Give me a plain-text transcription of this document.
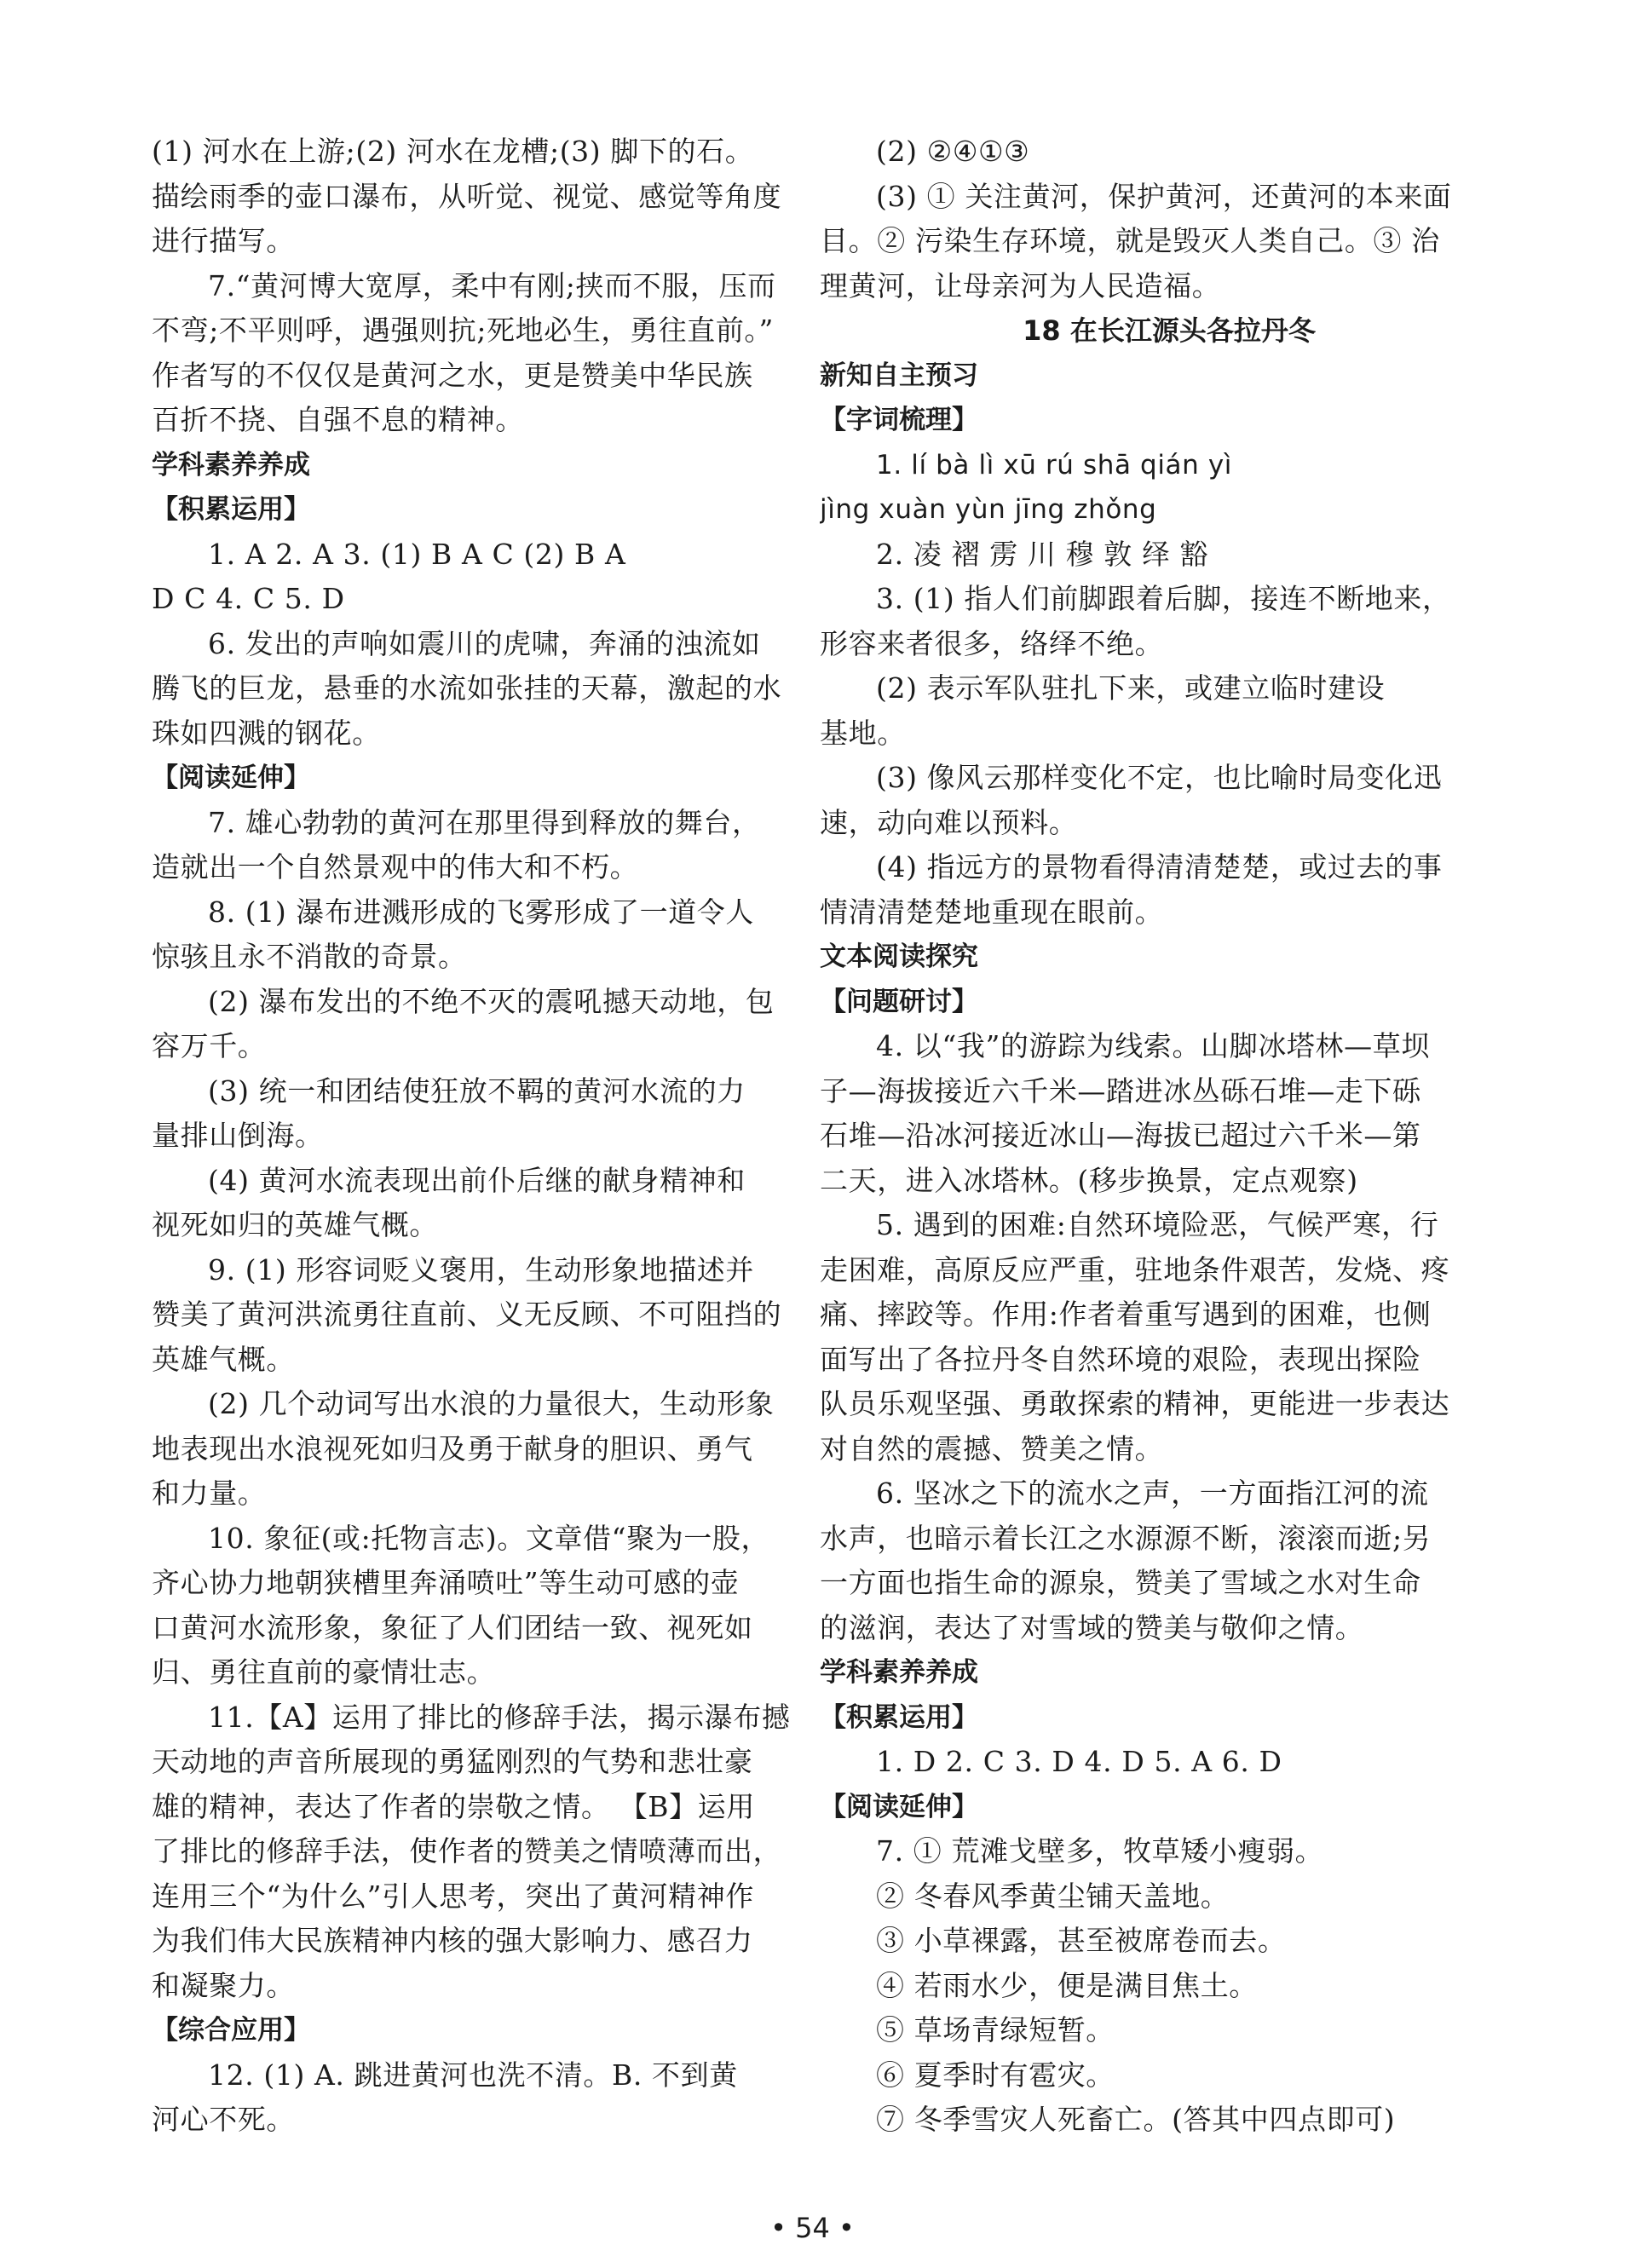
(1) 河水在上游;(2) 河水在龙槽;(3) 脚下的石。
描绘雨季的壶口瀑布，从听觉、视觉、感觉等角度
进行描写。
7.“黄河博大宽厚，柔中有刚;挟而不服，压而
不弯;不平则呼，遇强则抗;死地必生，勇往直前。”
作者写的不仅仅是黄河之水，更是赞美中华民族
百折不挠、自强不息的精神。
学科素养养成
【积累运用】
1. A 2. A 3. (1) B A C (2) B A
D C 4. C 5. D
6. 发出的声响如震川的虎啸，奔涌的浊流如
腾飞的巨龙，悬垂的水流如张挂的天幕，激起的水
珠如四溅的钢花。
【阅读延伸】
7. 雄心勃勃的黄河在那里得到释放的舞台，
造就出一个自然景观中的伟大和不朽。
8. (1) 瀑布进溅形成的飞雾形成了一道令人
惊骇且永不消散的奇景。
(2) 瀑布发出的不绝不灭的震吼撼天动地，包
容万千。
(3) 统一和团结使狂放不羁的黄河水流的力
量排山倒海。
(4) 黄河水流表现出前仆后继的献身精神和
视死如归的英雄气概。
9. (1) 形容词贬义褒用，生动形象地描述并
赞美了黄河洪流勇往直前、义无反顾、不可阻挡的
英雄气概。
(2) 几个动词写出水浪的力量很大，生动形象
地表现出水浪视死如归及勇于献身的胆识、勇气
和力量。
10. 象征(或:托物言志)。文章借“聚为一股，
齐心协力地朝狭槽里奔涌喷吐”等生动可感的壶
口黄河水流形象，象征了人们团结一致、视死如
归、勇往直前的豪情壮志。
11.【A】运用了排比的修辞手法，揭示瀑布撼
天动地的声音所展现的勇猛刚烈的气势和悲壮豪
雄的精神，表达了作者的崇敬之情。 【B】运用
了排比的修辞手法，使作者的赞美之情喷薄而出，
连用三个“为什么”引人思考，突出了黄河精神作
为我们伟大民族精神内核的强大影响力、感召力
和凝聚力。
【综合应用】
12. (1) A. 跳进黄河也洗不清。B. 不到黄
河心不死。
(2) ②④①③
(3) ① 关注黄河，保护黄河，还黄河的本来面
目。② 污染生存环境，就是毁灭人类自己。③ 治
理黄河，让母亲河为人民造福。
18 在长江源头各拉丹冬
新知自主预习
【字词梳理】
1. lí bà lì xū rú shā qián yì
jìng xuàn yùn jīng zhǒng
2. 凌 褶 雳 川 穆 敦 绎 豁
3. (1) 指人们前脚跟着后脚，接连不断地来，
形容来者很多，络绎不绝。
(2) 表示军队驻扎下来，或建立临时建设
基地。
(3) 像风云那样变化不定，也比喻时局变化迅
速，动向难以预料。
(4) 指远方的景物看得清清楚楚，或过去的事
情清清楚楚地重现在眼前。
文本阅读探究
【问题研讨】
4. 以“我”的游踪为线索。山脚冰塔林—草坝
子—海拔接近六千米—踏进冰丛砾石堆—走下砾
石堆—沿冰河接近冰山—海拔已超过六千米—第
二天，进入冰塔林。(移步换景，定点观察)
5. 遇到的困难:自然环境险恶，气候严寒，行
走困难，高原反应严重，驻地条件艰苦，发烧、疼
痛、摔跤等。作用:作者着重写遇到的困难，也侧
面写出了各拉丹冬自然环境的艰险，表现出探险
队员乐观坚强、勇敢探索的精神，更能进一步表达
对自然的震撼、赞美之情。
6. 坚冰之下的流水之声，一方面指江河的流
水声，也暗示着长江之水源源不断，滚滚而逝;另
一方面也指生命的源泉，赞美了雪域之水对生命
的滋润，表达了对雪域的赞美与敬仰之情。
学科素养养成
【积累运用】
1. D 2. C 3. D 4. D 5. A 6. D
【阅读延伸】
7. ① 荒滩戈壁多，牧草矮小瘦弱。
② 冬春风季黄尘铺天盖地。
③ 小草裸露，甚至被席卷而去。
④ 若雨水少，便是满目焦土。
⑤ 草场青绿短暂。
⑥ 夏季时有雹灾。
⑦ 冬季雪灾人死畜亡。(答其中四点即可)
• 54 •
